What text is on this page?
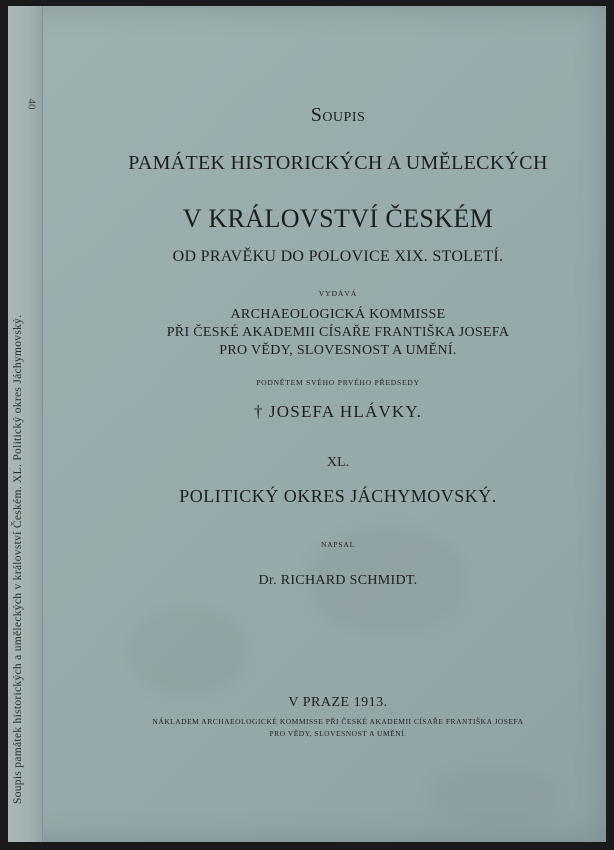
Soupis
PAMÁTEK HISTORICKÝCH A UMĚLECKÝCH
V KRÁLOVSTVÍ ČESKÉM
OD PRAVĚKU DO POLOVICE XIX. STOLETÍ.
VYDÁVÁ
ARCHAEOLOGICKÁ KOMMISSE
PŘI ČESKÉ AKADEMII CÍSAŘE FRANTIŠKA JOSEFA
PRO VĚDY, SLOVESNOST A UMĚNÍ.
PODNĚTEM SVÉHO PRVÉHO PŘEDSEDY
† JOSEFA HLÁVKY.
XL.
POLITICKÝ OKRES JÁCHYMOVSKÝ.
NAPSAL
Dr. RICHARD SCHMIDT.
V PRAZE 1913.
NÁKLADEM ARCHAEOLOGICKÉ KOMMISSE PŘI ČESKÉ AKADEMII CÍSAŘE FRANTIŠKA JOSEFA
PRO VĚDY, SLOVESNOST A UMĚNÍ.
40
Soupis památek historických a uměleckých v království Českém. XL. Politický okres Jáchymovský.
